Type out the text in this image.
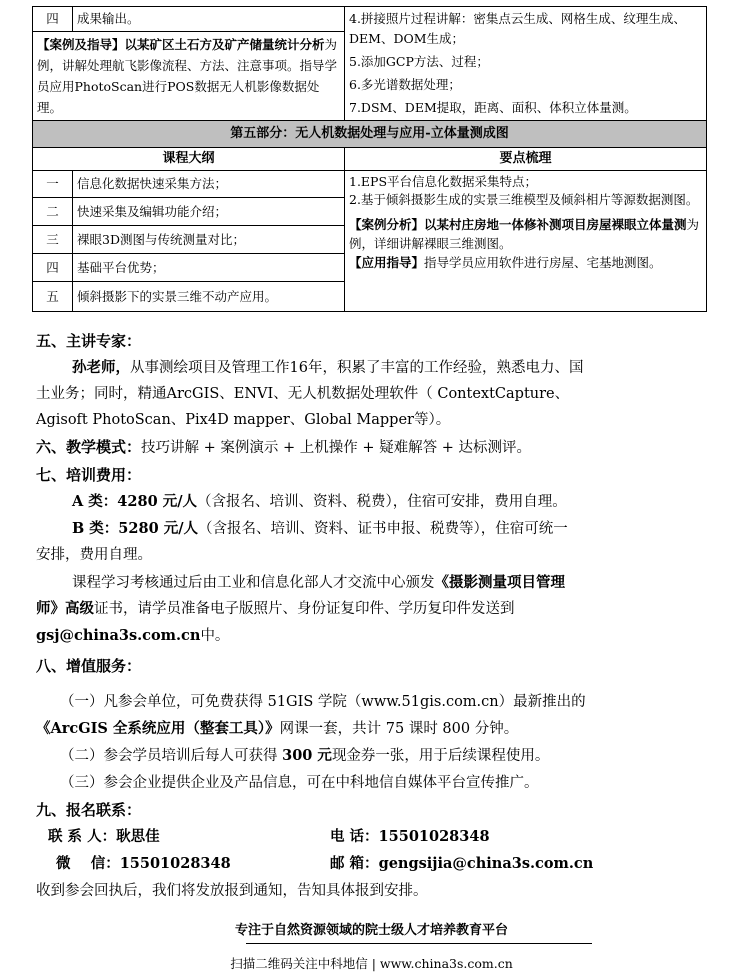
四	成果输出。	4.拼接照片过程讲解：密集点云生成、网格生成、纹理生成、DEM、DOM生成；
5.添加GCP方法、过程；
6.多光谱数据处理；
7.DSM、DEM提取，距离、面积、体积立体量测。

【案例及指导】以某矿区土石方及矿产储量统计分析为例，讲解处理航飞影像流程、方法、注意事项。指导学员应用PhotoScan进行POS数据无人机影像数据处理。		
第五部分：无人机数据处理与应用-立体量测成图		
课程大纲		要点梳理
一	信息化数据快速采集方法；	1.EPS平台信息化数据采集特点；
2.基于倾斜摄影生成的实景三维模型及倾斜相片等源数据测图。
【案例分析】以某村庄房地一体修补测项目房屋裸眼立体量测为例，详细讲解裸眼三维测图。
【应用指导】指导学员应用软件进行房屋、宅基地测图。

二	快速采集及编辑功能介绍；	
三	裸眼3D测图与传统测量对比；	
四	基础平台优势；	
五	倾斜摄影下的实景三维不动产应用。	
五、主讲专家：
孙老师，从事测绘项目及管理工作16年，积累了丰富的工作经验，熟悉电力、国
土业务；同时，精通ArcGIS、ENVI、无人机数据处理软件（ ContextCapture、
Agisoft PhotoScan、Pix4D mapper、Global Mapper等）。
六、教学模式：技巧讲解 + 案例演示 + 上机操作 + 疑难解答 + 达标测评。
七、培训费用：
A 类：4280 元/人（含报名、培训、资料、税费），住宿可安排，费用自理。
B 类：5280 元/人（含报名、培训、资料、证书申报、税费等），住宿可统一
安排，费用自理。
课程学习考核通过后由工业和信息化部人才交流中心颁发《摄影测量项目管理
师》高级证书，请学员准备电子版照片、身份证复印件、学历复印件发送到
gsj@china3s.com.cn中。
八、增值服务：
（一）凡参会单位，可免费获得 51GIS 学院（www.51gis.com.cn）最新推出的
《ArcGIS 全系统应用（整套工具）》网课一套，共计 75 课时 800 分钟。
（二）参会学员培训后每人可获得 300 元现金券一张，用于后续课程使用。
（三）参会企业提供企业及产品信息，可在中科地信自媒体平台宣传推广。
九、报名联系：
联 系 人：耿思佳	电 话：15501028348
微    信：15501028348	邮 箱：gengsijia@china3s.com.cn
收到参会回执后，我们将发放报到通知，告知具体报到安排。
专注于自然资源领域的院士级人才培养教育平台
扫描二维码关注中科地信 | www.china3s.com.cn
